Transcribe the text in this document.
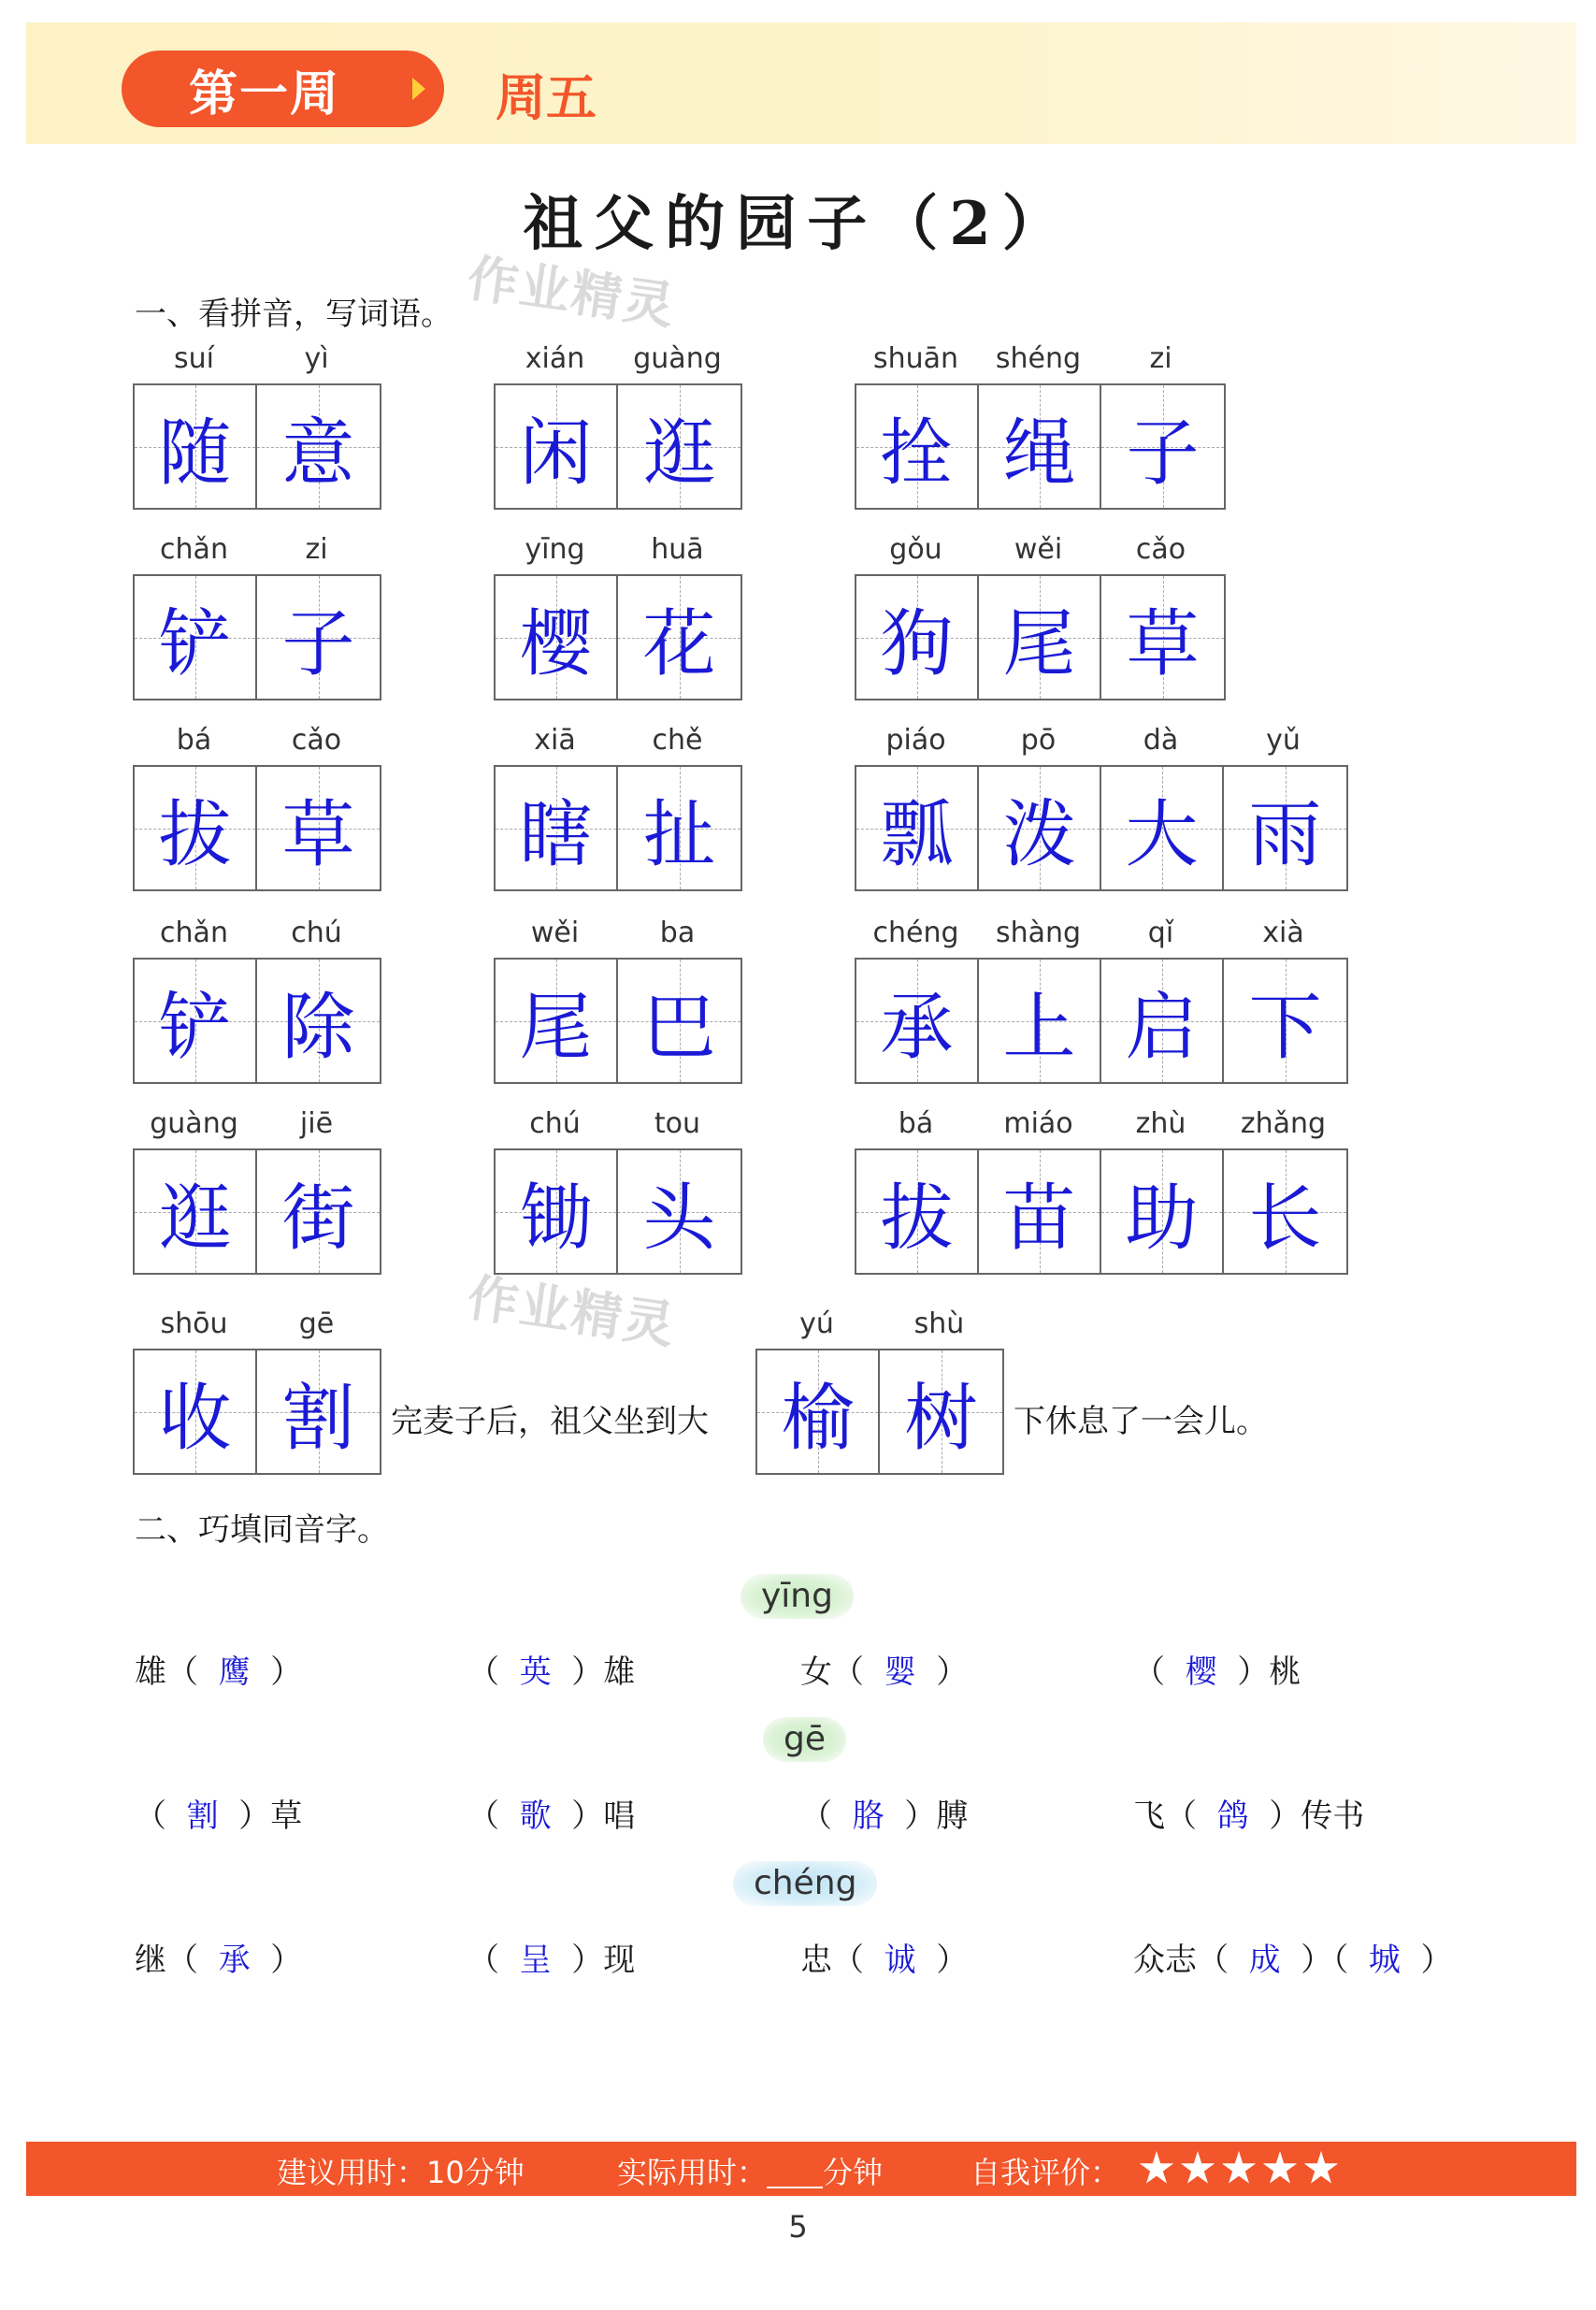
第一周	周五
祖父的园子（2）
一、看拼音，写词语。 作业精灵
作业精灵
suí	yì
随 意
xián	guàng
闲 逛
shuān	shéng	zi
拴 绳 子
chǎn	zi
铲 子
yīng	huā
樱 花
gǒu	wěi	cǎo
狗 尾 草
bá	cǎo
拔 草
xiā	chě
瞎 扯
piáo	pō	dà	yǔ
瓢 泼 大 雨
chǎn	chú
铲 除
wěi	ba
尾 巴
chéng	shàng	qǐ	xià
承 上 启 下
guàng	jiē
逛 街
chú	tou
锄 头
bá	miáo	zhù	zhǎng
拔 苗 助 长
shōu	gē
收 割 完麦子后，祖父坐到大
yú	shù
榆 树 下休息了一会儿。
二、巧填同音字。
yīng
雄（ 鹰 ）	（ 英 ）雄	女（ 婴 ）	（ 樱 ）桃
gē
（ 割 ）草	（ 歌 ）唱	（ 胳 ）膊	飞（ 鸽 ）传书
chéng
继（ 承 ）	（ 呈 ）现	忠（ 诚 ）	众志（ 成 ）（ 城 ）
建议用时：10分钟	实际用时： 分钟	自我评价：
5
